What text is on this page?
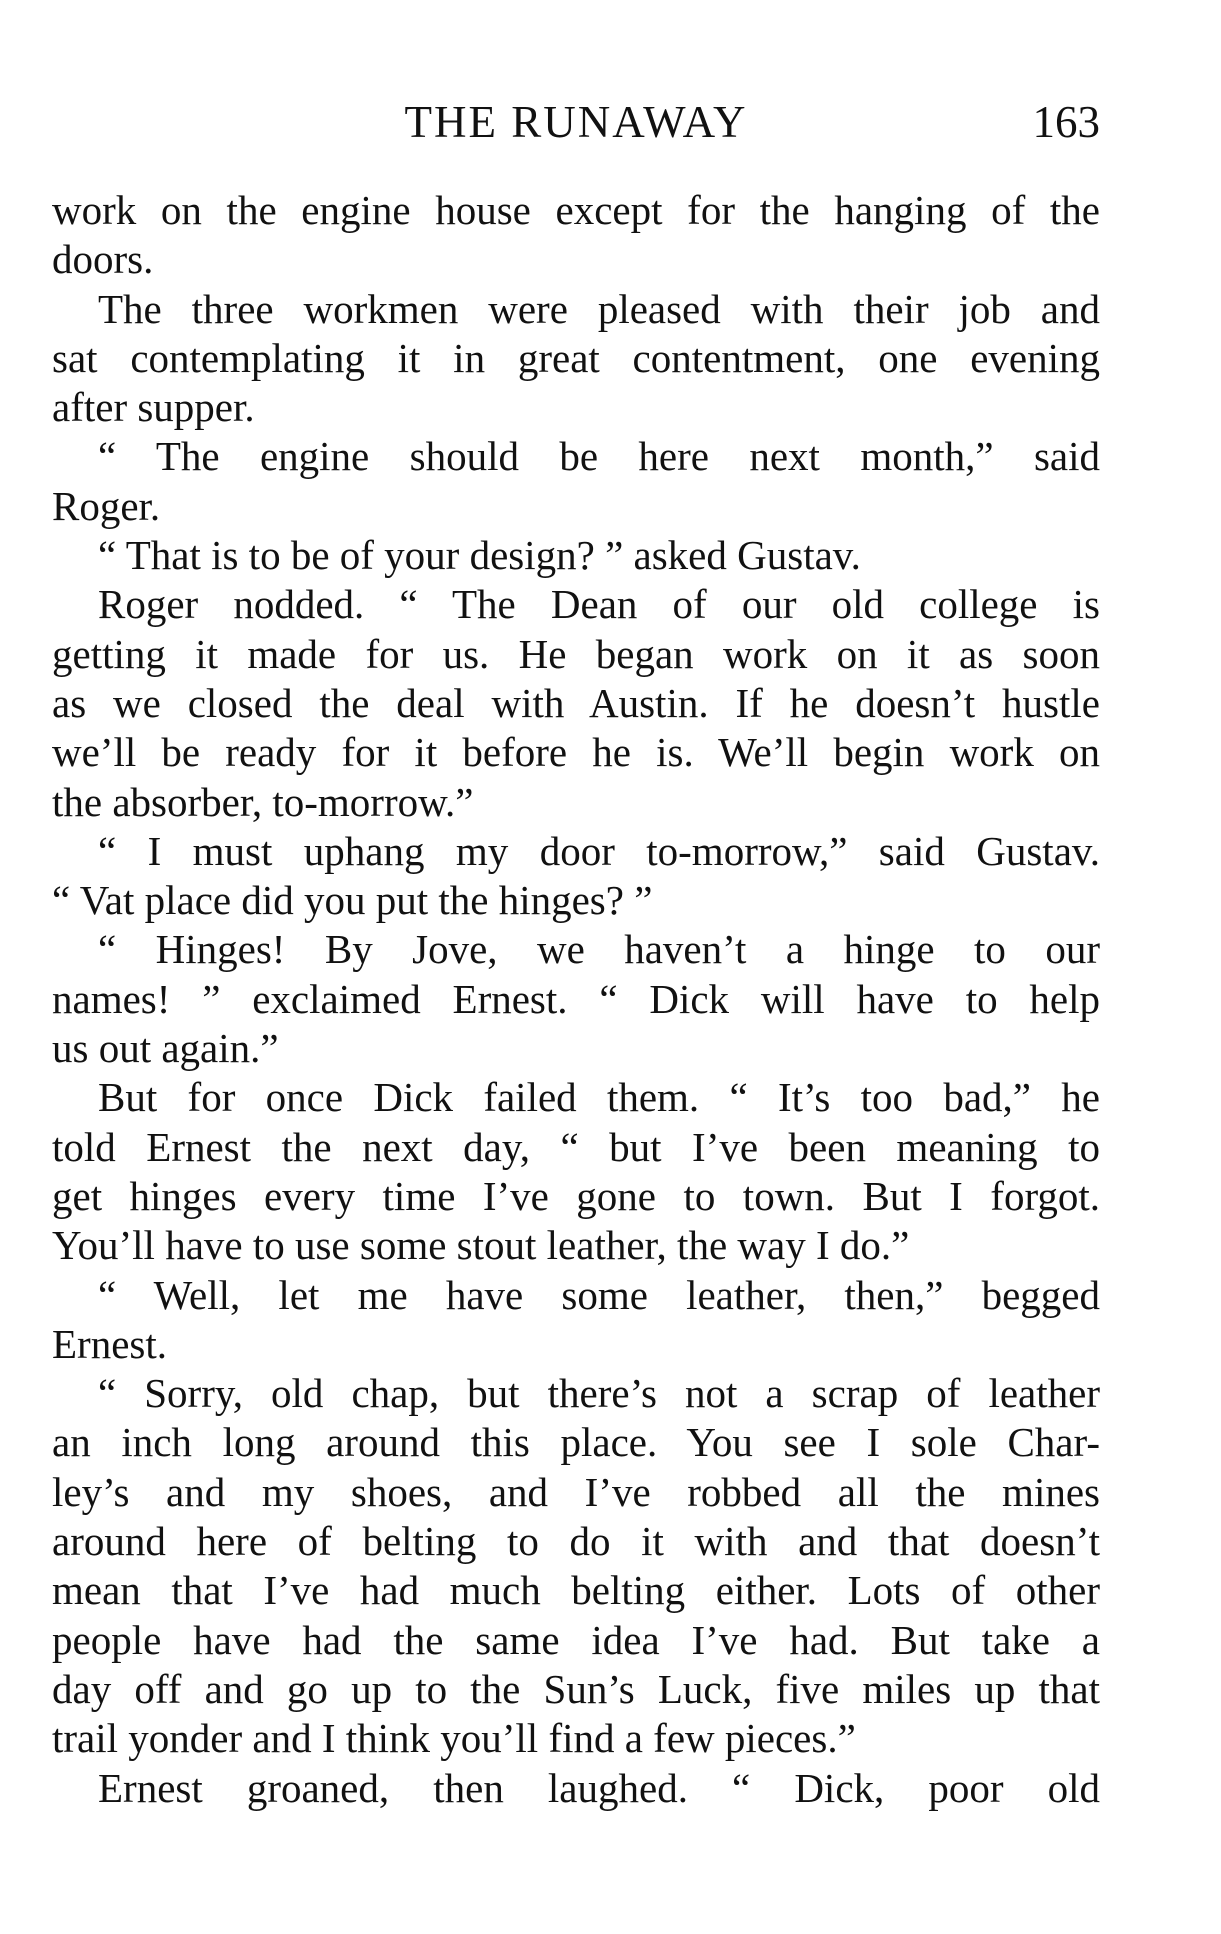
THE RUNAWAY	163
work on the engine house except for the hanging of the
doors.
The three workmen were pleased with their job and
sat contemplating it in great contentment, one evening
after supper.
“ The engine should be here next month,” said
Roger.
“ That is to be of your design? ” asked Gustav.
Roger nodded. “ The Dean of our old college is
getting it made for us. He began work on it as soon
as we closed the deal with Austin. If he doesn’t hustle
we’ll be ready for it before he is. We’ll begin work on
the absorber, to-morrow.”
“ I must uphang my door to-morrow,” said Gustav.
“ Vat place did you put the hinges? ”
“ Hinges! By Jove, we haven’t a hinge to our
names! ” exclaimed Ernest. “ Dick will have to help
us out again.”
But for once Dick failed them. “ It’s too bad,” he
told Ernest the next day, “ but I’ve been meaning to
get hinges every time I’ve gone to town. But I forgot.
You’ll have to use some stout leather, the way I do.”
“ Well, let me have some leather, then,” begged
Ernest.
“ Sorry, old chap, but there’s not a scrap of leather
an inch long around this place. You see I sole Char-
ley’s and my shoes, and I’ve robbed all the mines
around here of belting to do it with and that doesn’t
mean that I’ve had much belting either. Lots of other
people have had the same idea I’ve had. But take a
day off and go up to the Sun’s Luck, five miles up that
trail yonder and I think you’ll find a few pieces.”
Ernest groaned, then laughed. “ Dick, poor old
